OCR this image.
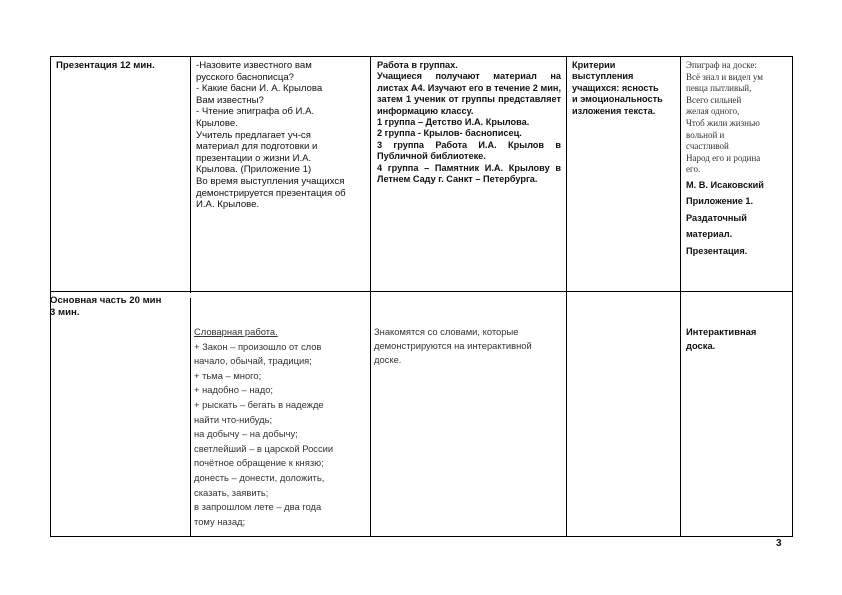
Презентация 12 мин.	-Назовите известного вам
русского баснописца?

- Какие басни И. А. Крылова
Вам известны?

- Чтение эпиграфа об И.А.
Крылове.

Учитель предлагает уч-ся
материал для подготовки и
презентации о жизни И.А.
Крылова. (Приложение 1)

Во время выступления учащихся
демонстрируется презентация об
И.А. Крылове.

Работа в группах.

Учащиеся получают материал на листах А4. Изучают его в течение 2 мин, затем 1 ученик от группы представляет информацию классу.

1 группа – Детство И.А. Крылова.

2 группа - Крылов- баснописец.

3 группа Работа И.А. Крылов в Публичной библиотеке.

4 группа – Памятник И.А. Крылову в Летнем Саду г. Санкт – Петербурга.

Критерии
выступления
учащихся: ясность
и эмоциональность
изложения текста.

Эпиграф на доске:

Всё знал и видел ум

певца пытливый,

Всего сильней

желая одного,

Чтоб жили жизнью

вольной и

счастливой

Народ его и родина

его.

М. В. Исаковский

Приложение 1.

Раздаточный

материал.

Презентация.

Основная часть 20 мин

3 мин.

Словарная работа.

+ Закон – произошло от слов

начало, обычай, традиция;

+ тьма – много;

+ надобно – надо;

+ рыскать – бегать в надежде

найти что-нибудь;

на добычу – на добычу;

светлейший – в царской России

почётное обращение к князю;

донесть – донести, доложить,

сказать, заявить;

в запрошлом лете – два года

тому назад;

Знакомятся со словами, которые
демонстрируются на интерактивной
доске.

Интерактивная
доска.

3
